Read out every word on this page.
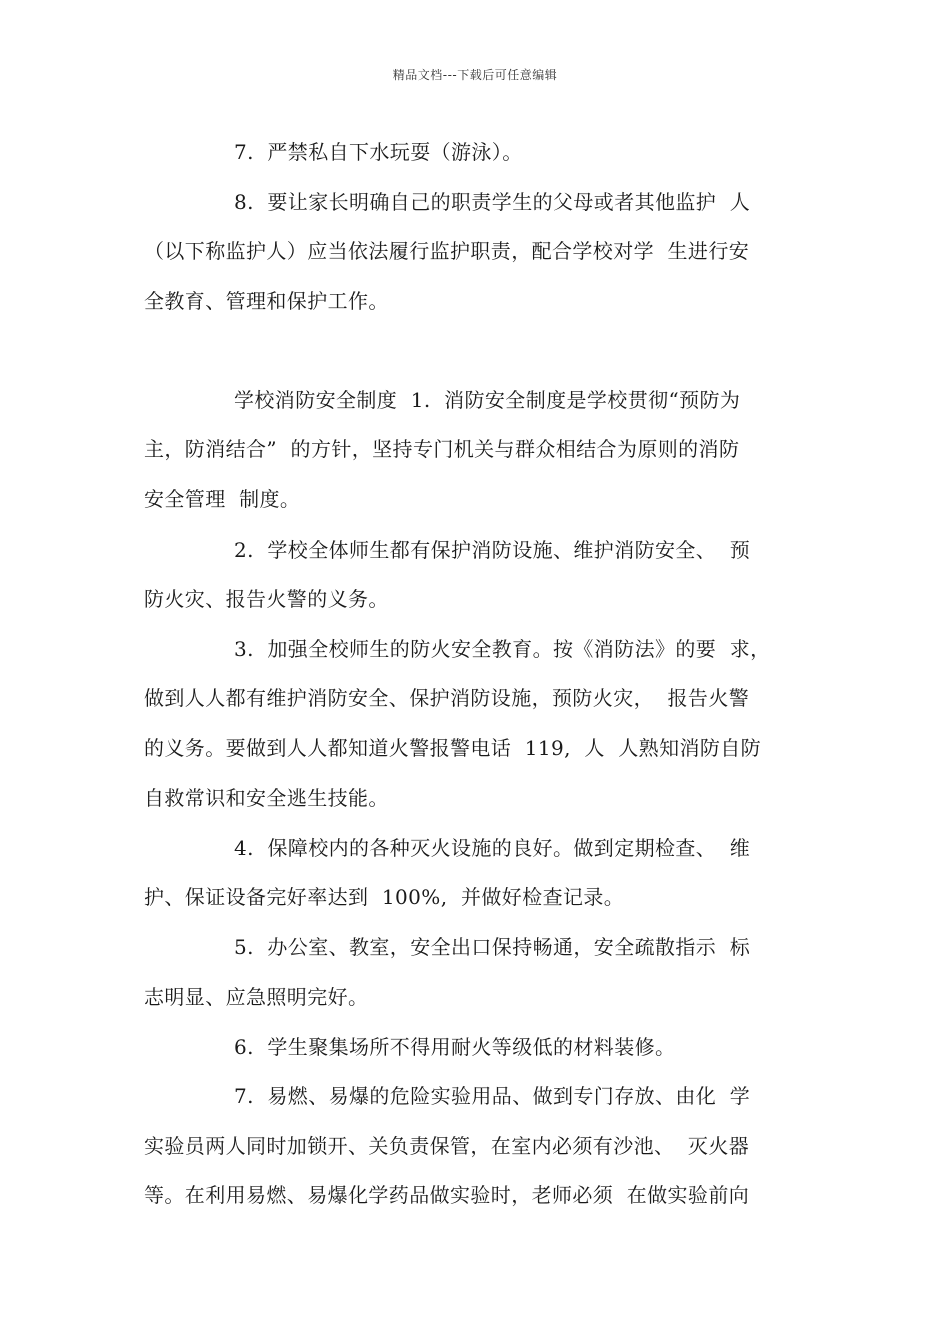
精品文档---下载后可任意编辑
7.  严禁私自下水玩耍（游泳）。
8.  要让家长明确自己的职责学生的父母或者其他监护  人
（以下称监护人）应当依法履行监护职责，配合学校对学  生进行安
全教育、管理和保护工作。
学校消防安全制度  1.  消防安全制度是学校贯彻“预防为
主，防消结合”  的方针，坚持专门机关与群众相结合为原则的消防
安全管理  制度。
2.  学校全体师生都有保护消防设施、维护消防安全、  预
防火灾、报告火警的义务。
3.  加强全校师生的防火安全教育。按《消防法》的要  求，
做到人人都有维护消防安全、保护消防设施，预防火灾，  报告火警
的义务。要做到人人都知道火警报警电话  119,  人  人熟知消防自防
自救常识和安全逃生技能。
4.  保障校内的各种灭火设施的良好。做到定期检查、  维
护、保证设备完好率达到  100%,  并做好检查记录。
5.  办公室、教室，安全出口保持畅通，安全疏散指示  标
志明显、应急照明完好。
6.  学生聚集场所不得用耐火等级低的材料装修。
7.  易燃、易爆的危险实验用品、做到专门存放、由化  学
实验员两人同时加锁开、关负责保管，在室内必须有沙池、  灭火器
等。在利用易燃、易爆化学药品做实验时，老师必须  在做实验前向
